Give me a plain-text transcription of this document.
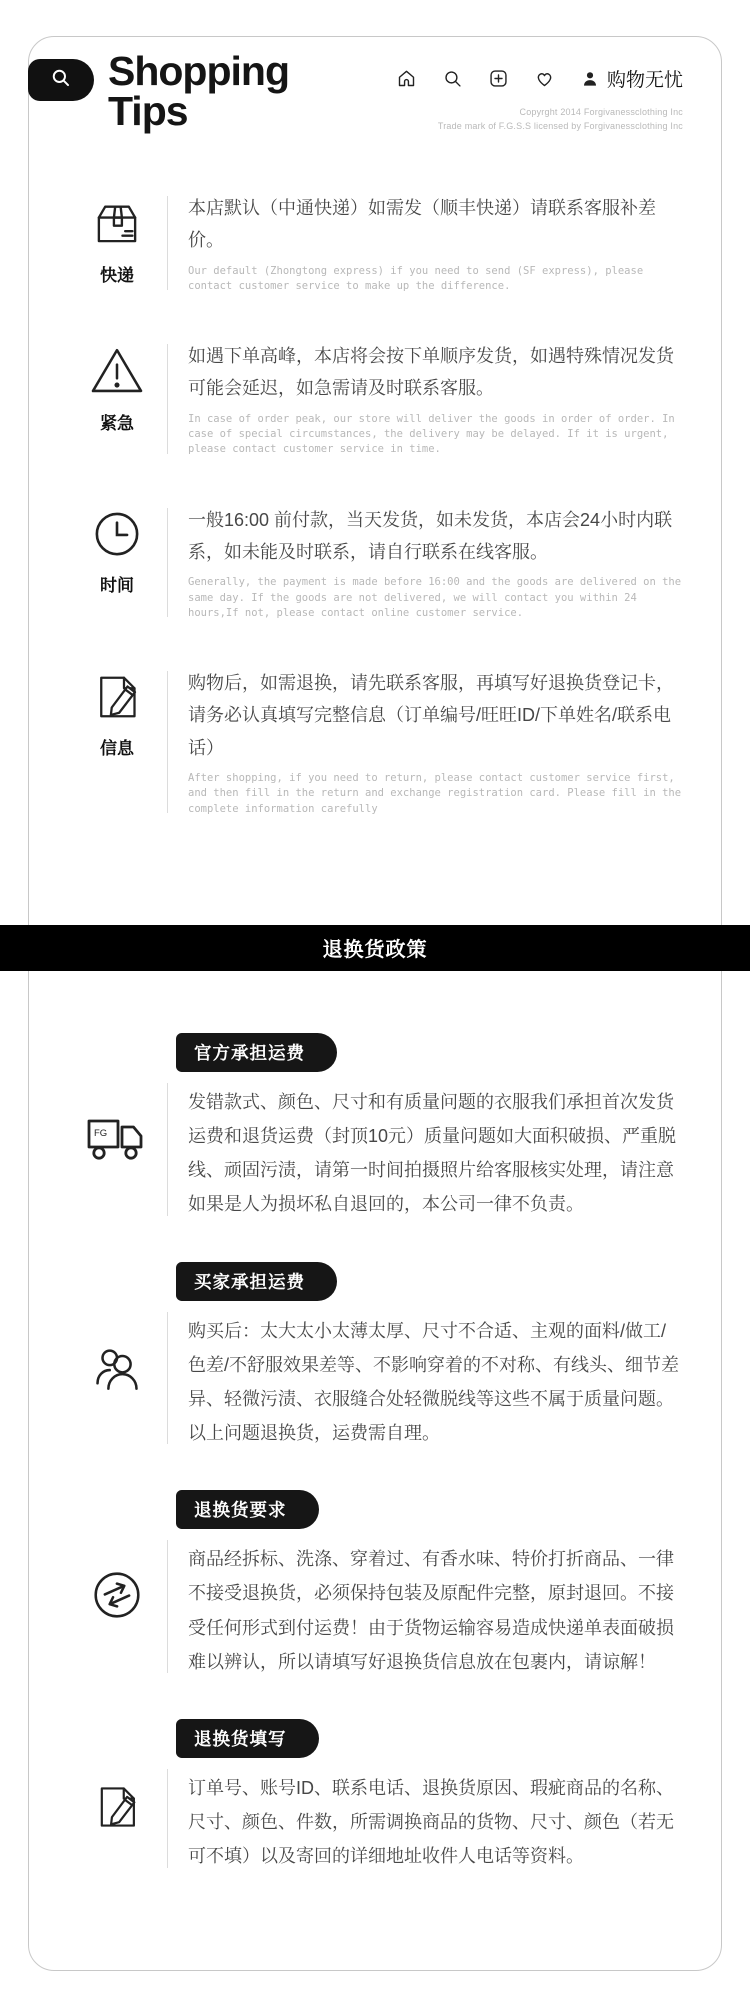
Shopping
Tips
购物无忧
Copyrght 2014 Forgivanessclothing Inc
Trade mark of F.G.S.S licensed by Forgivanessclothing Inc
快递

本店默认（中通快递）如需发（顺丰快递）请联系客服补差价。

Our default (Zhongtong express) if you need to send (SF express), please contact customer service to make up the difference.

紧急

如遇下单高峰，本店将会按下单顺序发货，如遇特殊情况发货可能会延迟，如急需请及时联系客服。

In case of order peak, our store will deliver the goods in order of order. In case of special circumstances, the delivery may be delayed. If it is urgent, please contact customer service in time.

时间

一般16:00 前付款，当天发货，如未发货，本店会24小时内联系，如未能及时联系，请自行联系在线客服。

Generally, the payment is made before 16:00 and the goods are delivered on the same day. If the goods are not delivered, we will contact you within 24 hours,If not, please contact online customer service.

信息

购物后，如需退换，请先联系客服，再填写好退换货登记卡，请务必认真填写完整信息（订单编号/旺旺ID/下单姓名/联系电话）

After shopping, if you need to return, please contact customer service first, and then fill in the return and exchange registration card. Please fill in the complete information carefully

退换货政策
FG
官方承担运费

发错款式、颜色、尺寸和有质量问题的衣服我们承担首次发货运费和退货运费（封顶10元）质量问题如大面积破损、严重脱线、顽固污渍，请第一时间拍摄照片给客服核实处理，请注意如果是人为损坏私自退回的，本公司一律不负责。

买家承担运费

购买后：太大太小太薄太厚、尺寸不合适、主观的面料/做工/色差/不舒服效果差等、不影响穿着的不对称、有线头、细节差异、轻微污渍、衣服缝合处轻微脱线等这些不属于质量问题。以上问题退换货，运费需自理。

退换货要求

商品经拆标、洗涤、穿着过、有香水味、特价打折商品、一律不接受退换货，必须保持包装及原配件完整，原封退回。不接受任何形式到付运费！由于货物运输容易造成快递单表面破损难以辨认，所以请填写好退换货信息放在包裹内，请谅解！

退换货填写

订单号、账号ID、联系电话、退换货原因、瑕疵商品的名称、尺寸、颜色、件数，所需调换商品的货物、尺寸、颜色（若无可不填）以及寄回的详细地址收件人电话等资料。
